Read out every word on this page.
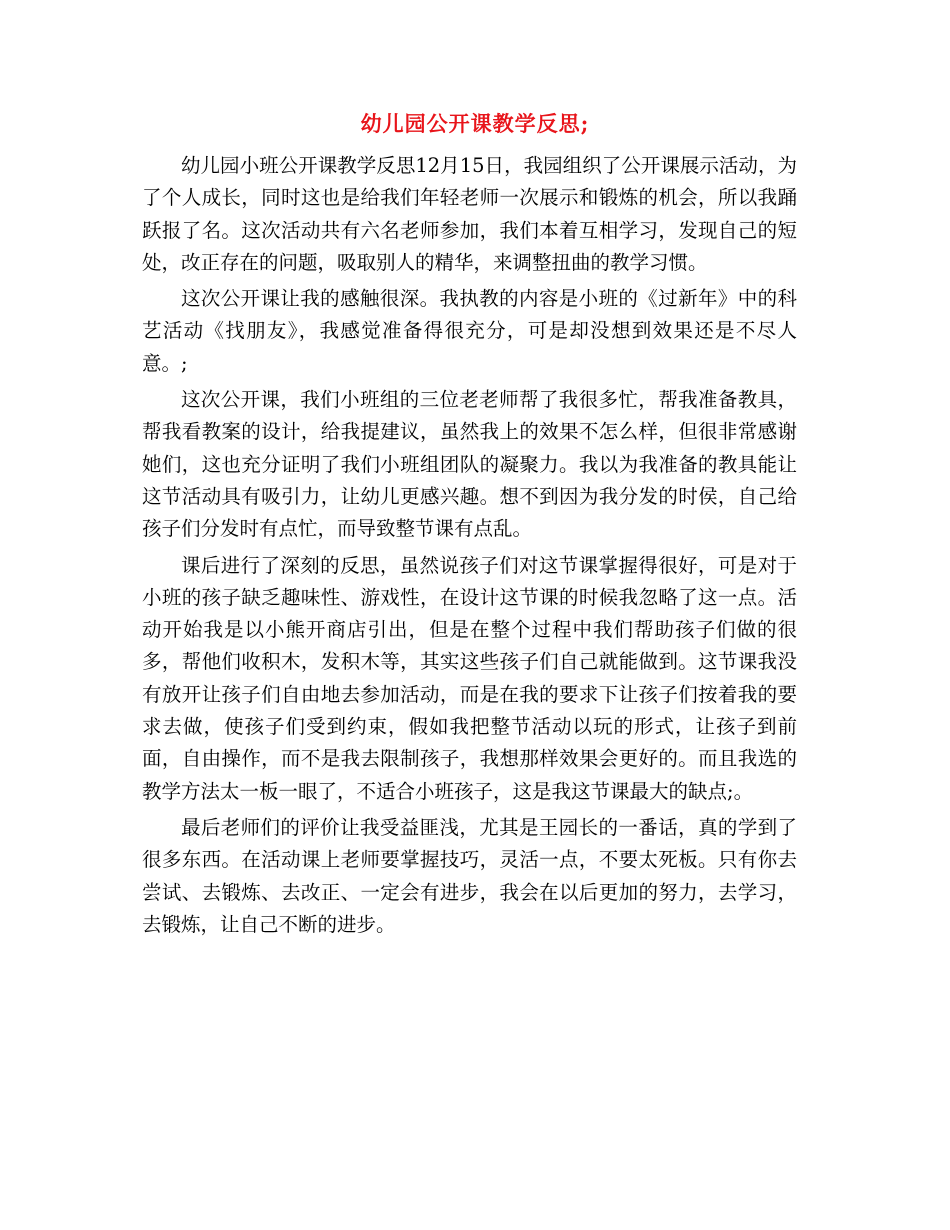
幼儿园公开课教学反思;

幼儿园小班公开课教学反思12月15日，我园组织了公开课展示活动，为了个人成长，同时这也是给我们年轻老师一次展示和锻炼的机会，所以我踊跃报了名。这次活动共有六名老师参加，我们本着互相学习，发现自己的短处，改正存在的问题，吸取别人的精华，来调整扭曲的教学习惯。

这次公开课让我的感触很深。我执教的内容是小班的《过新年》中的科艺活动《找朋友》，我感觉准备得很充分，可是却没想到效果还是不尽人意。;

这次公开课，我们小班组的三位老老师帮了我很多忙，帮我准备教具，帮我看教案的设计，给我提建议，虽然我上的效果不怎么样，但很非常感谢她们，这也充分证明了我们小班组团队的凝聚力。我以为我准备的教具能让这节活动具有吸引力，让幼儿更感兴趣。想不到因为我分发的时侯，自己给孩子们分发时有点忙，而导致整节课有点乱。

课后进行了深刻的反思，虽然说孩子们对这节课掌握得很好，可是对于小班的孩子缺乏趣味性、游戏性，在设计这节课的时候我忽略了这一点。活动开始我是以小熊开商店引出，但是在整个过程中我们帮助孩子们做的很多，帮他们收积木，发积木等，其实这些孩子们自己就能做到。这节课我没有放开让孩子们自由地去参加活动，而是在我的要求下让孩子们按着我的要求去做，使孩子们受到约束，假如我把整节活动以玩的形式，让孩子到前面，自由操作，而不是我去限制孩子，我想那样效果会更好的。而且我选的教学方法太一板一眼了，不适合小班孩子，这是我这节课最大的缺点;。

最后老师们的评价让我受益匪浅，尤其是王园长的一番话，真的学到了很多东西。在活动课上老师要掌握技巧，灵活一点，不要太死板。只有你去尝试、去锻炼、去改正、一定会有进步，我会在以后更加的努力，去学习，去锻炼，让自己不断的进步。
